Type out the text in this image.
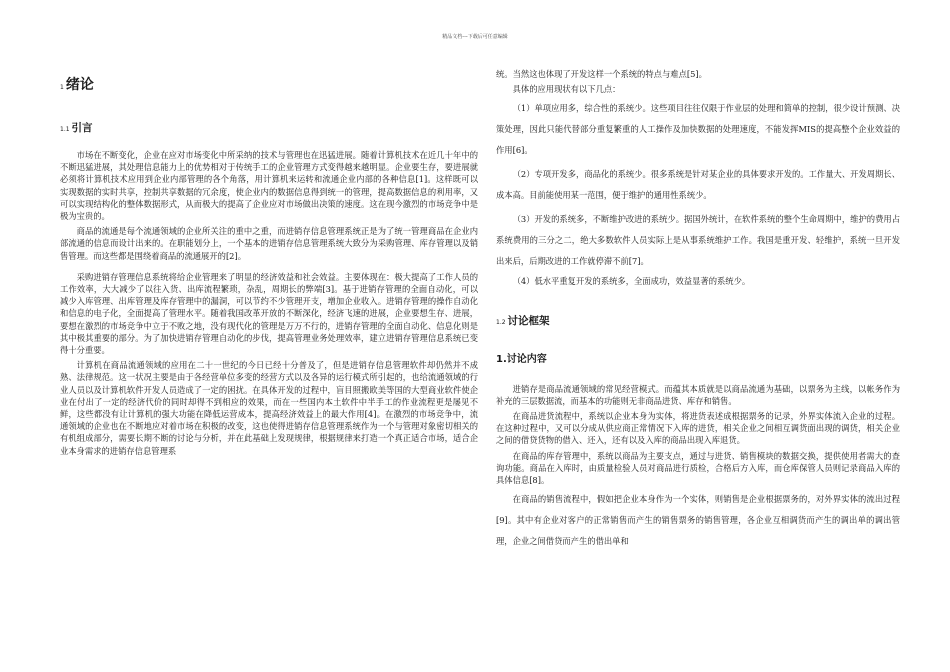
精品文档---下载后可任意编辑
1 绪论
1.1 引言

市场在不断变化，企业在应对市场变化中所采纳的技术与管理也在迅猛进展。随着计算机技术在近几十年中的不断迅猛进展，其处理信息能力上的优势相对于传统手工的企业管理方式变得越来越明显。企业要生存，要进展就必须将计算机技术应用到企业内部管理的各个角落，用计算机来运转和流通企业内部的各种信息[1]。这样既可以实现数据的实时共享，控制共享数据的冗余度，使企业内的数据信息得到统一的管理，提高数据信息的利用率，又可以实现结构化的整体数据形式，从而极大的提高了企业应对市场做出决策的速度。这在现今激烈的市场竞争中是极为宝贵的。

商品的流通是每个流通领域的企业所关注的重中之重，而进销存信息管理系统正是为了统一管理商品在企业内部流通的信息而设计出来的。在职能划分上，一个基本的进销存信息管理系统大致分为采购管理、库存管理以及销售管理。而这些都是围绕着商品的流通展开的[2]。

采购进销存管理信息系统将给企业管理来了明显的经济效益和社会效益。主要体现在：极大提高了工作人员的工作效率，大大减少了以往入货、出库流程繁琐，杂乱，周期长的弊端[3]。基于进销存管理的全面自动化，可以减少入库管理、出库管理及库存管理中的漏洞，可以节约不少管理开支，增加企业收入。进销存管理的操作自动化和信息的电子化，全面提高了管理水平。随着我国改革开放的不断深化，经济飞速的进展，企业要想生存、进展，要想在激烈的市场竞争中立于不败之地，没有现代化的管理是万万不行的，进销存管理的全面自动化、信息化则是其中极其重要的部分。为了加快进销存管理自动化的步伐，提高管理业务处理效率，建立进销存管理信息系统已变得十分重要。

计算机在商品流通领域的应用在二十一世纪的今日已经十分普及了，但是进销存信息管理软件却仍然并不成熟、法律规范。这一状况主要是由于各经营单位多变的经营方式以及各异的运行模式所引起的，也给流通领域的行业人员以及计算机软件开发人员造成了一定的困扰。在具体开发的过程中，盲目照搬欧美等国的大型商业软件使企业在付出了一定的经济代价的同时却得不到相应的效果，而在一些国内本土软件中半手工的作业流程更是屡见不鲜，这些都没有让计算机的强大功能在降低运营成本，提高经济效益上的最大作用[4]。在激烈的市场竞争中，流通领域的企业也在不断地应对着市场在积极的改变，这也使得进销存信息管理系统作为一个与管理对象密切相关的有机组成部分，需要长期不断的讨论与分析，并在此基础上发现规律，根据规律来打造一个真正适合市场，适合企业本身需求的进销存信息管理系

统。当然这也体现了开发这样一个系统的特点与难点[5]。

具体的应用现状有以下几点：

（1）单项应用多，综合性的系统少。这些项目往往仅限于作业层的处理和简单的控制，很少设计预测、决策处理，因此只能代替部分重复繁重的人工操作及加快数据的处理速度，不能发挥MIS的提高整个企业效益的作用[6]。

（2）专项开发多，商品化的系统少。很多系统是针对某企业的具体要求开发的。工作量大、开发周期长、成本高。目前能使用某一范围，便于维护的通用性系统少。

（3）开发的系统多，不断维护改进的系统少。据国外统计，在软件系统的整个生命周期中，维护的费用占系统费用的三分之二，绝大多数软件人员实际上是从事系统维护工作。我国是重开发、轻维护，系统一旦开发出来后，后期改进的工作就停滞不前[7]。

（4）低水平重复开发的系统多，全面成功，效益显著的系统少。

1.2 讨论框架
1.讨论内容

进销存是商品流通领域的常见经营模式。而蕴其本质就是以商品流通为基础，以票务为主线，以帐务作为补充的三层数据流，而基本的功能则无非商品进货、库存和销售。

在商品进货流程中，系统以企业本身为实体，将进货表述成根据票务的记录，外界实体流入企业的过程。在这种过程中，又可以分成从供应商正常情况下入库的进货，相关企业之间相互调货面出现的调货，相关企业之间的借贷货物的借入、还入，还有以及入库的商品出现入库退货。

在商品的库存管理中，系统以商品为主要支点，通过与进货、销售模块的数据交换，提供使用者需大的查询功能。商品在入库时，由质量检验人员对商品进行质检，合格后方入库，而仓库保管人员则记录商品入库的具体信息[8]。

在商品的销售流程中，假如把企业本身作为一个实体，则销售是企业根据票务的，对外界实体的流出过程[9]。其中有企业对客户的正常销售而产生的销售票务的销售管理，各企业互相调货而产生的调出单的调出管理，企业之间借贷而产生的借出单和
